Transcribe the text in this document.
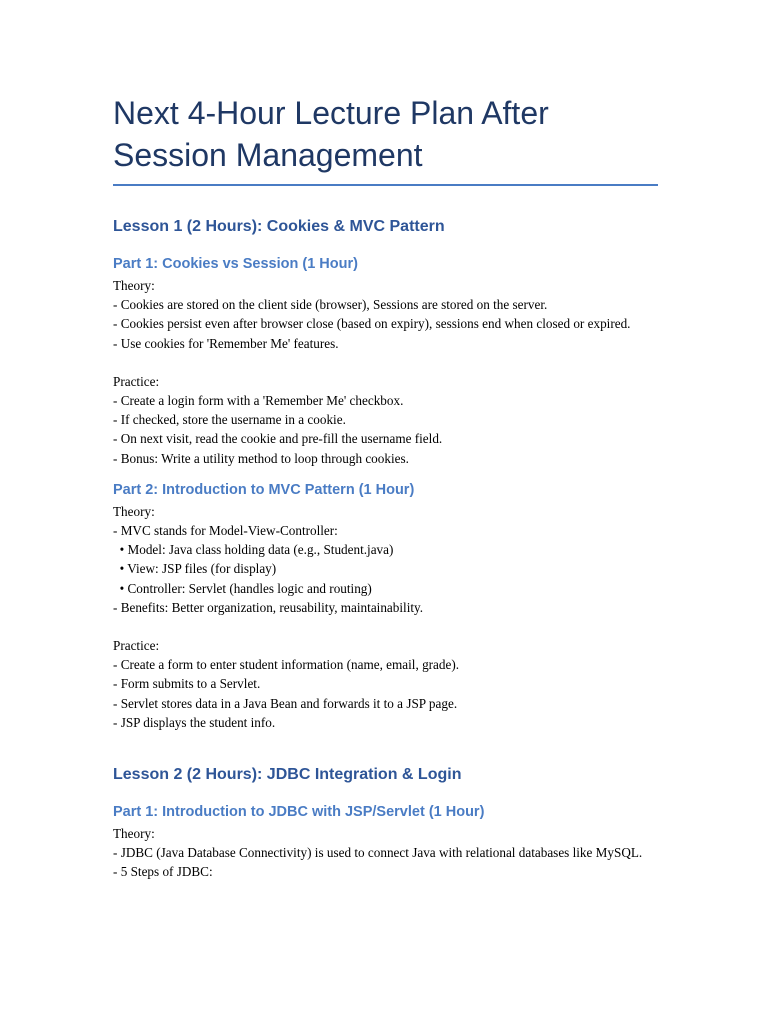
Next 4-Hour Lecture Plan After Session Management
Lesson 1 (2 Hours): Cookies & MVC Pattern
Part 1: Cookies vs Session (1 Hour)

Theory:
- Cookies are stored on the client side (browser), Sessions are stored on the server.
- Cookies persist even after browser close (based on expiry), sessions end when closed or expired.
- Use cookies for 'Remember Me' features.

Practice:
- Create a login form with a 'Remember Me' checkbox.
- If checked, store the username in a cookie.
- On next visit, read the cookie and pre-fill the username field.
- Bonus: Write a utility method to loop through cookies.

Part 2: Introduction to MVC Pattern (1 Hour)

Theory:
- MVC stands for Model-View-Controller:
• Model: Java class holding data (e.g., Student.java)
• View: JSP files (for display)
• Controller: Servlet (handles logic and routing)
- Benefits: Better organization, reusability, maintainability.

Practice:
- Create a form to enter student information (name, email, grade).
- Form submits to a Servlet.
- Servlet stores data in a Java Bean and forwards it to a JSP page.
- JSP displays the student info.

Lesson 2 (2 Hours): JDBC Integration & Login
Part 1: Introduction to JDBC with JSP/Servlet (1 Hour)

Theory:
- JDBC (Java Database Connectivity) is used to connect Java with relational databases like MySQL.
- 5 Steps of JDBC:
